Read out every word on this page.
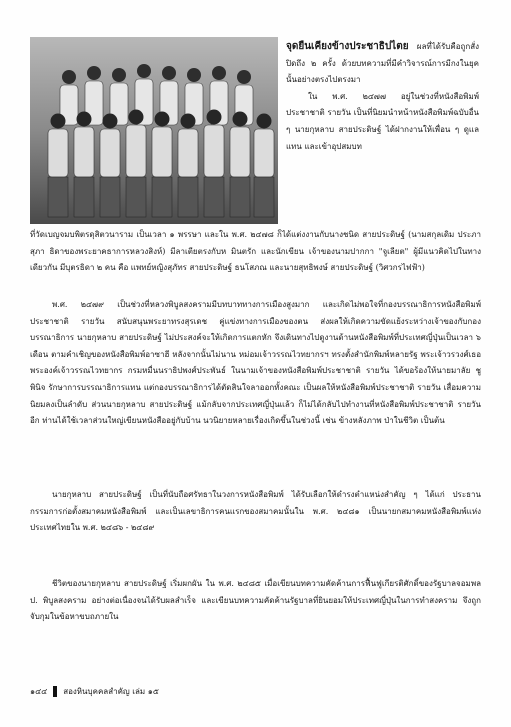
จุดยืนเคียงข้างประชาธิปไตย ผลที่ได้รับคือถูกสั่งปิดถึง ๒ ครั้ง ด้วยบทความที่มีคำวิจารณ์การมีกงในยุคนั้นอย่างตรงไปตรงมา
ใน พ.ศ. ๒๔๗๗ อยู่ในช่วงที่หนังสือพิมพ์ประชาชาติ รายวัน เป็นที่นิยมนำหน้าหนังสือพิมพ์ฉบับอื่น ๆ นายกุหลาบ สายประดิษฐ์ ได้ฝากงานให้เพื่อน ๆ ดูแลแทน และเข้าอุปสมบท

ที่วัดเบญจมบพิตรดุสิตวนาราม เป็นเวลา ๑ พรรษา และใน พ.ศ. ๒๔๗๘ ก็ได้แต่งงานกับนางชนิด สายประดิษฐ์ (นามสกุลเดิม ประภาสุภา ธิดาของพระยาคธาการหลวงสิงห์) มีลาเตียตรงกับห มินตรัก และนักเขียน เจ้าของนามปากกา "จูเลียต" ผู้มีแนวคิดไปในทางเดียวกัน มีบุตรธิดา ๒ คน คือ แพทย์หญิงสุภัทร สายประดิษฐ์ ธนโสภณ และนายสุทธิพงษ์ สายประดิษฐ์ (วิศวกรไฟฟ้า)

พ.ศ. ๒๔๗๙ เป็นช่วงที่หลวงพิบูลสงครามมีบทบาททางการเมืองสูงมาก และเกิดไม่พอใจที่กองบรรณาธิการหนังสือพิมพ์ประชาชาติ รายวัน สนับสนุนพระยาทรงสุรเดช คู่แข่งทางการเมืองของตน ส่งผลให้เกิดความขัดแย้งระหว่างเจ้าของกับกองบรรณาธิการ นายกุหลาบ สายประดิษฐ์ ไม่ประสงค์จะให้เกิดการแตกหัก จึงเดินทางไปดูงานด้านหนังสือพิมพ์ที่ประเทศญี่ปุ่นเป็นเวลา ๖ เดือน ตามคำเชิญของหนังสือพิมพ์อาซาฮี หลังจากนั้นไม่นาน หม่อมเจ้าวรรณไวทยากรฯ ทรงตั้งสำนักพิมพ์หลายรัฐ พระเจ้าวรวงศ์เธอ พระองค์เจ้าวรรณไวทยากร กรมหมื่นนราธิปพงศ์ประพันธ์ ในนามเจ้าของหนังสือพิมพ์ประชาชาติ รายวัน ได้ขอร้องให้นายมาลัย ชูพินิจ รักษาการบรรณาธิการแทน แต่กองบรรณาธิการได้ตัดสินใจลาออกทั้งคณะ เป็นผลให้หนังสือพิมพ์ประชาชาติ รายวัน เสื่อมความนิยมลงเป็นลำดับ ส่วนนายกุหลาบ สายประดิษฐ์ แม้กลับจากประเทศญี่ปุ่นแล้ว ก็ไม่ได้กลับไปทำงานที่หนังสือพิมพ์ประชาชาติ รายวัน อีก ท่านได้ใช้เวลาส่วนใหญ่เขียนหนังสืออยู่กับบ้าน นวนิยายหลายเรื่องเกิดขึ้นในช่วงนี้ เช่น ข้างหลังภาพ ป่าในชีวิต เป็นต้น

นายกุหลาบ สายประดิษฐ์ เป็นที่นับถือศรัทธาในวงการหนังสือพิมพ์ ได้รับเลือกให้ดำรงตำแหน่งสำคัญ ๆ ได้แก่ ประธานกรรมการก่อตั้งสมาคมหนังสือพิมพ์ และเป็นเลขาธิการคนแรกของสมาคมนั้นใน พ.ศ. ๒๔๘๑ เป็นนายกสมาคมหนังสือพิมพ์แห่งประเทศไทยใน พ.ศ. ๒๔๘๖ - ๒๔๘๙

ชีวิตของนายกุหลาบ สายประดิษฐ์ เริ่มผกผัน ใน พ.ศ. ๒๔๘๕ เมื่อเขียนบทความคัดค้านการฟื้นฟูเกียรติศักดิ์ของรัฐบาลจอมพล ป. พิบูลสงคราม อย่างต่อเนื่องจนได้รับผลสำเร็จ และเขียนบทความคัดค้านรัฐบาลที่ยินยอมให้ประเทศญี่ปุ่นในการทำสงคราม จึงถูกจับกุมในข้อหาขบถภายใน

๑๔๔ สองหินบุคคลสำคัญ เล่ม ๑๕
